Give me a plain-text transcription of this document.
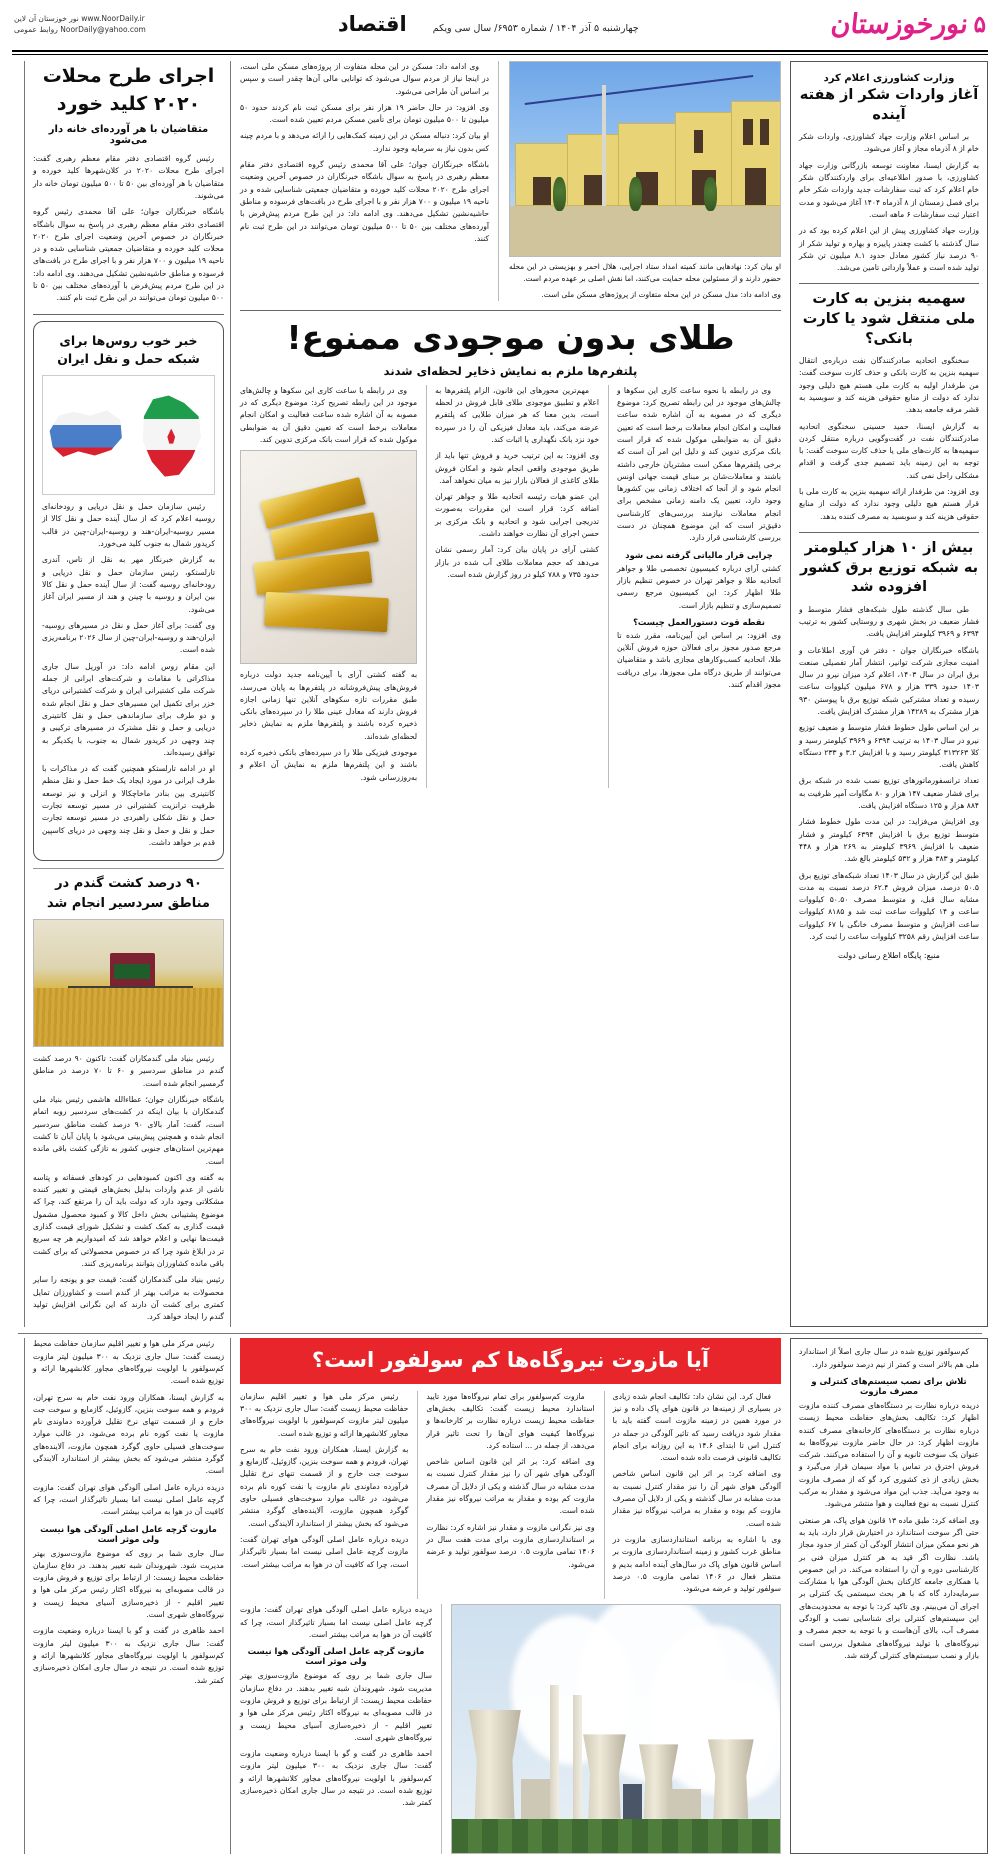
۵
نورخوزستان
چهارشنبه ۵ آذر ۱۴۰۴ / شماره ۶۹۵۳/ سال سی ویکم
اقتصاد
نور خوزستان آن لاین www.NoorDaily.ir
روابط عمومی NoorDaily@yahoo.com
وزارت کشاورزی اعلام کرد
آغاز واردات شکر از هفته آینده

بر اساس اعلام وزارت جهاد کشاورزی، واردات شکر خام از ۸ آذرماه مجاز و آغاز می‌شود.

به گزارش ایسنا، معاونت توسعه بازرگانی وزارت جهاد کشاورزی، با صدور اطلاعیه‌ای برای واردکنندگان شکر خام اعلام کرد که ثبت سفارشات جدید واردات شکر خام برای فصل زمستان از ۸ آذرماه ۱۴۰۴ آغاز می‌شود و مدت اعتبار ثبت سفارشات ۶ ماهه است.

وزارت جهاد کشاورزی پیش از این اعلام کرده بود که در سال گذشته با کشت چغندر پاییزه و بهاره و تولید شکر از ۹۰ درصد نیاز کشور معادل حدود ۸.۱ میلیون تن شکر تولید شده است و عملاً وارداتی تامین می‌شد.

سهمیه بنزین به کارت ملی منتقل شود یا کارت بانکی؟

سخنگوی اتحادیه صادرکنندگان نفت درباره‌ی انتقال سهمیه بنزین به کارت بانکی و حذف کارت سوخت گفت: من طرفدار اولیه به کارت ملی هستم هیچ دلیلی وجود ندارد که دولت از منابع حقوقی هزینه کند و سوبسید به قشر مرفه جامعه بدهد.

به گزارش ایسنا، حمید حسینی سخنگوی اتحادیه صادرکنندگان نفت در گفت‌وگویی درباره منتقل کردن سهمیه‌ها به کارت‌های ملی یا حذف کارت سوخت گفت: با توجه به این زمینه باید تصمیم جدی گرفت و اقدام مشکلی راحل نمی کند.

وی افزود: من طرفدار ارائه سهمیه بنزین به کارت ملی با قرار هستم هیچ دلیلی وجود ندارد که دولت از منابع حقوقی هزینه کند و سوبسید به مصرف کننده بدهد.

بیش از ۱۰ هزار کیلومتر به شبکه توزیع برق کشور افزوده شد

طی سال گذشته طول شبکه‌های فشار متوسط و فشار ضعیف در بخش شهری و روستایی کشور به ترتیب ۶۳۹۴ و ۳۹۶۹ کیلومتر افزایش یافت.

باشگاه خبرنگاران جوان - دفتر فن آوری اطلاعات و امنیت مجازی شرکت توانیر، انتشار آمار تفصیلی صنعت برق ایران در سال ۱۴۰۳، اعلام کرد میزان نیرو در سال ۱۴۰۳ حدود ۳۳۹ هزار و ۶۷۸ میلیون کیلووات ساعت رسیده و تعداد مشترکین شبکه توزیع برق با پیوستن ۹۳۰ هزار مشترک به ۱۴۲۸۹ هزار مشترک افزایش یافت.

بر این اساس طول خطوط فشار متوسط و ضعیف توزیع نیرو در سال ۱۴۰۳ به ترتیب ۶۳۹۴ و ۳۹۶۹ کیلومتر رسید و کلا ۳۱۳۲۶۳ کیلومتر رسید و با افزایش ۳.۲ و ۲۳۳ دستگاه کاهش یافت.

تعداد ترانسفورماتورهای توزیع نصب شده در شبکه برق برای فشار ضعیف ۱۴۷ هزار و ۸۰ مگاوات آمپر ظرفیت به ۸۸۴ هزار و ۱۲۵ دستگاه افزایش یافت.

وی افزایش می‌فزاید: در این مدت طول خطوط فشار متوسط توزیع برق با افزایش ۶۳۹۴ کیلومتر و فشار ضعیف با افزایش ۳۹۶۹ کیلومتر به ۲۶۹ هزار و ۴۴۸ کیلومتر و ۳۸۳ هزار و ۵۳۲ کیلومتر بالغ شد.

طبق این گزارش در سال ۱۴۰۳ تعداد شبکه‌های توزیع برق ۵۰.۵ درصد، میزان فروش ۶۲.۴ درصد نسبت به مدت مشابه سال قبل، و متوسط مصرف ۵۰.۵۰ کیلووات ساعت و ۱۴ کیلووات ساعت ثبت شد و ۸۱۸۵ کیلووات ساعت افزایش و متوسط مصرف خانگی با ۶۷ کیلووات ساعت افزایش رقم ۳۲۵۸ کیلووات ساعت را ثبت کرد.

منبع: پایگاه اطلاع رسانی دولت

او بیان کرد: نهادهایی مانند کمیته امداد ستاد اجرایی، هلال احمر و بهزیستی در این محله حضور دارند و از مسئولین محله حمایت می‌کنند، اما نقش اصلی بر عهده مردم است.

وی ادامه داد: مدل مسکن در این محله متفاوت از پروژه‌های مسکن ملی است.

وی ادامه داد: مسکن در این محله متفاوت از پروژه‌های مسکن ملی است، در اینجا نیاز از مردم سوال می‌شود که توانایی مالی آن‌ها چقدر است و سپس بر اساس آن طراحی می‌شود.

وی افزود: در حال حاضر ۱۹ هزار نفر برای مسکن ثبت نام کردند حدود ۵۰ میلیون تا ۵۰۰ میلیون تومان برای تأمین مسکن مردم تعیین شده است.

او بیان کرد: دنباله مسکن در این زمینه کمک‌هایی را ارائه می‌دهد و با مردم چینه کس بدون نیاز به سرمایه وجود ندارد.

باشگاه خبرنگاران جوان؛ علی آقا محمدی رئیس گروه اقتصادی دفتر مقام معظم رهبری در پاسخ به سوال باشگاه خبرنگاران در خصوص آخرین وضعیت اجرای طرح ۲۰۲۰ محلات کلید خورده و متقاضیان جمعیتی شناسایی شده و در ناحیه ۱۹ میلیون و ۷۰۰ هزار نفر و با اجرای طرح در بافت‌های فرسوده و مناطق حاشیه‌نشین تشکیل می‌دهند. وی ادامه داد: در این طرح مردم پیش‌فرض با آورده‌های مختلف بین ۵۰ تا ۵۰۰ میلیون تومان می‌توانند در این طرح ثبت نام کنند.

طلای بدون موجودی ممنوع!
پلتفرم‌ها ملزم به نمایش ذخایر لحظه‌ای شدند

وی در رابطه با نحوه ساعت کاری این سکوها و چالش‌های موجود در این رابطه تصریح کرد: موضوع دیگری که در مصوبه به آن اشاره شده ساعت فعالیت و امکان انجام معاملات برخط است که تعیین دقیق آن به ضوابطی موکول شده که قرار است بانک مرکزی تدوین کند و دلیل این امر آن است که برخی پلتفرم‌ها ممکن است مشتریان خارجی داشته باشند و معاملات‌شان بر مبنای قیمت جهانی اونس انجام شود و از آنجا که اختلاف زمانی بین کشورها وجود دارد، تعیین یک دامنه زمانی مشخص برای انجام معاملات نیازمند بررسی‌های کارشناسی دقیق‌تر است که این موضوع همچنان در دست بررسی کارشناسی قرار دارد.

چرایی قرار مالیاتی گرفته نمی شود

کشتی آرای درباره کمیسیون تخصصی طلا و جواهر اتحادیه طلا و جواهر تهران در خصوص تنظیم بازار طلا اظهار کرد: این کمیسیون مرجع رسمی تصمیم‌سازی و تنظیم بازار است.

نقطه قوت دستورالعمل چیست؟

وی افزود: بر اساس این آیین‌نامه، مقرر شده تا مرجع صدور مجوز برای فعالان حوزه فروش آنلاین طلا، اتحادیه کسب‌وکارهای مجازی باشد و متقاضیان می‌توانند از طریق درگاه ملی مجوزها، برای دریافت مجوز اقدام کنند.

مهم‌ترین محورهای این قانون، الزام پلتفرم‌ها به اعلام و تطبیق موجودی طلای قابل فروش در لحظه است، بدین معنا که هر میزان طلایی که پلتفرم عرضه می‌کند، باید معادل فیزیکی آن را در سپرده خود نزد بانک نگهداری یا اثبات کند.

وی افزود: به این ترتیب خرید و فروش تنها باید از طریق موجودی واقعی انجام شود و امکان فروش طلای کاغذی از فعالان بازار نیز به میان نخواهد آمد.

این عضو هیات رئیسه اتحادیه طلا و جواهر تهران اضافه کرد: قرار است این مقررات به‌صورت تدریجی اجرایی شود و اتحادیه و بانک مرکزی بر حسن اجرای آن نظارت خواهند داشت.

کشتی آرای در پایان بیان کرد: آمار رسمی نشان می‌دهد که حجم معاملات طلای آب شده در بازار حدود ۷۳۵ و ۷۸۸ کیلو در روز گزارش شده است.

وی در رابطه با ساعت کاری این سکوها و چالش‌های موجود در این رابطه تصریح کرد: موضوع دیگری که در مصوبه به آن اشاره شده ساعت فعالیت و امکان انجام معاملات برخط است که تعیین دقیق آن به ضوابطی موکول شده که قرار است بانک مرکزی تدوین کند.

به گفته کشتی آرای با آیین‌نامه جدید دولت درباره فروش‌های پیش‌فروشانه در پلتفرم‌ها به پایان می‌رسد، طبق مقررات تازه سکوهای آنلاین تنها زمانی اجازه فروش دارند که معادل عینی طلا را در سپرده‌های بانکی ذخیره کرده باشند و پلتفرم‌ها ملزم به نمایش ذخایر لحظه‌ای شده‌اند.

موجودی فیزیکی طلا را در سپرده‌های بانکی ذخیره کرده باشند و این پلتفرم‌ها ملزم به نمایش آن اعلام و به‌روزرسانی شود.

اجرای طرح محلات ۲۰۲۰ کلید خورد
متقاضیان با هر آورده‌ای خانه دار می‌شود

رئیس گروه اقتصادی دفتر مقام معظم رهبری گفت: اجرای طرح محلات ۲۰۲۰ در کلان‌شهرها کلید خورده و متقاضیان با هر آورده‌ای بین ۵۰ تا ۵۰۰ میلیون تومان خانه دار می‌شوند.

باشگاه خبرنگاران جوان؛ علی آقا محمدی رئیس گروه اقتصادی دفتر مقام معظم رهبری در پاسخ به سوال باشگاه خبرنگاران در خصوص آخرین وضعیت اجرای طرح ۲۰۲۰ محلات کلید خورده و متقاضیان جمعیتی شناسایی شده و در ناحیه ۱۹ میلیون و ۷۰۰ هزار نفر و با اجرای طرح در بافت‌های فرسوده و مناطق حاشیه‌نشین تشکیل می‌دهند. وی ادامه داد: در این طرح مردم پیش‌فرض با آورده‌های مختلف بین ۵۰ تا ۵۰۰ میلیون تومان می‌توانند در این طرح ثبت نام کنند.

خبر خوب روس‌ها برای شبکه حمل و نقل ایران

رئیس سازمان حمل و نقل دریایی و رودخانه‌ای روسیه اعلام کرد که از سال آینده حمل و نقل کالا از مسیر روسیه-ایران-هند و روسیه-ایران-چین در قالب کریدور شمال به جنوب کلید می‌خورد.

به گزارش خبرنگار مهر به نقل از تاس، آندری تارلستکو، رئیس سازمان حمل و نقل دریایی و رودخانه‌ای روسیه گفت: از سال آینده حمل و نقل کالا بین ایران و روسیه با چینن و هند از مسیر ایران آغاز می‌شود.

وی گفت: برای آغاز حمل و نقل در مسیر‌های روسیه-ایران-هند و روسیه-ایران-چین از سال ۲۰۲۶ برنامه‌ریزی شده است.

این مقام روس ادامه داد: در آوریل سال جاری مذاکراتی با مقامات و شرکت‌های ایرانی از جمله شرکت ملی کشتیرانی ایران و شرکت کشتیرانی دریای خزر برای تکمیل این مسیرهای حمل و نقل انجام شده و دو طرف برای سازماندهی حمل و نقل کانتینری دریایی و حمل و نقل مشترک در مسیرهای ترکیبی و چند وجهی در کریدور شمال به جنوب، با یکدیگر به توافق رسیده‌اند.

او در ادامه تارلستکو همچنین گفت که در مذاکرات با طرف ایرانی در مورد ایجاد یک خط حمل و نقل منظم کانتینری بین بنادر ماخاچکالا و انزلی و نیز توسعه ظرفیت ترانزیت کشتیرانی در مسیر توسعه تجارت حمل و نقل شکلی راهبردی در مسیر توسعه تجارت حمل و نقل و حمل و نقل چند وجهی در دریای کاسپین قدم بر خواهد داشت.

۹۰ درصد کشت گندم در مناطق سردسیر انجام شد

رئیس بنیاد ملی گندمکاران گفت: تاکنون ۹۰ درصد کشت گندم در مناطق سردسیر و ۶۰ تا ۷۰ درصد در مناطق گرمسیر انجام شده است.

باشگاه خبرنگاران جوان؛ عطاءالله هاشمی رئیس بنیاد ملی گندمکاران با بیان اینکه در کشت‌های سردسیر روبه اتمام است، گفت: آمار بالای ۹۰ درصد کشت مناطق سردسیر انجام شده و همچنین پیش‌بینی می‌شود با پایان آبان تا کشت مهم‌ترین استان‌های جنوبی کشور به تازگی کشت باقی مانده است.

به گفته وی اکنون کمبودهایی در کودهای فسفاته و پتاسه ناشی از عدم واردات بدلیل بخش‌های قیمتی و تغییر کننده مشکلاتی وجود دارد که دولت باید آن را مرتفع کند، چرا که موضوع پشتیبانی بخش داخل کالا و کمبود محصول مشمول قیمت گذاری به کمک کشت و تشکیل شورای قیمت گذاری قیمت‌ها نهایی و اعلام خواهد شد که امیدواریم هر چه سریع تر در ابلاغ شود چرا که در خصوص محصولاتی که برای کشت باقی مانده کشاورزان بتوانند برنامه‌ریزی کنند.

رئیس بنیاد ملی گندمکاران گفت: قیمت جو و یونجه را سایر محصولات به مراتب بهتر از گندم است و کشاورزان تمایل کمتری برای کشت آن دارند که این نگرانی افزایش تولید گندم را ایجاد خواهد کرد.

کم‌سولفور توزیع شده در سال جاری اصلاً از استاندارد ملی هم بالاتر است و کمتر از نیم درصد سولفور دارد.

تلاش برای نصب سیستم‌های کنترلی و مصرف مازوت

دریده درباره نظارت بر دستگاه‌های مصرف کننده مازوت اظهار کرد: تکالیف بخش‌های حفاظت محیط زیست درباره نظارت بر دستگاه‌های کارخانه‌های مصرف کننده مازوت اظهار کرد: در حال حاضر مازوت نیروگاه‌ها به عنوان یک سوخت ثانویه و آن را استفاده می‌کنند. شرکت فروش اخترق در تماس با مواد سیمان قرار می‌گیرد و بخش زیادی از ذی کشوری کرد گو که از مصرف مازوت به وجود می‌آید. جذب این مواد می‌شود و مفدار به مرکب کنترل نسبت به نوع فعالیت و هوا منتشر می‌شود.

وی اضافه کرد: طبق ماده ۱۳ قانون هوای پاک، هر صنعتی حتی اگر سوخت استاندارد در اختیارش قرار دارد، باید به هر نحو ممکن میزان انتشار آلودگی آن کمتر از حدود مجاز باشد. نظارت اگر قید به هر کنترل میزان فنی بر کارشناسی دوره و آن را استفاده می‌کند. در این خصوص با همکاری جامعه کارکنان بخش آلودگی هوا با مشارکت سرمایه‌دارد گاه که با هر بحث سیستمی یک کنترلی بر اجرای آن می‌بینم. وی تاکید کرد: با توجه به محدودیت‌های این سیستم‌های کنترلی برای شناسایی نصب و آلودگی مصرف آب، بالای آن‌هاست و با توجه به حجم مصرف و نیروگاه‌های با تولید نیروگاه‌های مشغول بررسی است بازار و نصب سیستم‌های کنترلی گرفته شد.

آیا مازوت نیروگاه‌ها کم سولفور است؟

فعال کرد. این نشان داد: تکالیف انجام شده زیادی در بسیاری از زمینه‌ها در قانون هوای پاک داده و نیز در مورد همین در زمینه مازوت است گفته باید با مقدار شود دریافت رسید که تاثیر آلودگی در جمله در کنترل اس تا ابتدای ۱۴.۶ به این روزانه برای انجام تکالیف قانونی فرصت داده شده است.

وی اضافه کرد: بر اثر این قانون اساس شاخص آلودگی هوای شهر آن را نیز مقدار کنترل نسبت به مدت مشابه در سال گذشته و یکی از دلایل آن مصرف مازوت کم بوده و مقدار به مراتب نیروگاه نیز مقدار شده است.

وی با اشاره به برنامه استانداردسازی مازوت در مناطق غرب کشور و زمینه استانداردسازی مازوت بر اساس قانون هوای پاک در سال‌های آینده ادامه بدیم و منتظر فعال در ۱۴۰۶ تمامی مازوت ۰.۵ درصد سولفور تولید و عرضه می‌شود.

مازوت کم‌سولفور برای تمام نیروگاه‌ها مورد تایید استاندارد محیط زیست گفت: تکالیف بخش‌های حفاظت محیط زیست درباره نظارت بر کارخانه‌ها و نیروگاه‌ها کیفیت هوای آن‌ها را تحت تاثیر قرار می‌دهد، از جمله در ... استاده کرد.

وی اضافه کرد: بر اثر این قانون اساس شاخص آلودگی هوای شهر آن را نیز مقدار کنترل نسبت به مدت مشابه در سال گذشته و یکی از دلایل آن مصرف مازوت کم بوده و مقدار به مراتب نیروگاه نیز مقدار شده است.

وی نیز نگرانی مازوت و مقدار نیز اشاره کرد: نظارت بر استانداردسازی مازوت برای مدت هفت سال در ۱۴۰۶ تمامی مازوت ۰.۵ درصد سولفور تولید و عرضه می‌شود.

رئیس مرکز ملی هوا و تغییر اقلیم سازمان حفاظت محیط زیست گفت: سال جاری نزدیک به ۳۰۰ میلیون لیتر مازوت کم‌سولفور با اولویت نیروگاه‌های مجاور کلانشهرها ارائه و توزیع شده است.

به گزارش ایسنا، همکاران ورود نفت خام به سرج تهران، فرودم و همه سوخت بنزین، گازوئیل، گازمایع و سوخت جت خارج و از قسمت تنهای نرخ تقلیل فرآورده دماوندی نام مازوت یا نفت کوره نام برده می‌شود، در غالب موارد سوخت‌های فسیلی حاوی گوگرد همچون مازوت، آلاینده‌های گوگرد منتشر می‌شود که بخش بیشتر از استاندارد آلایندگی است.

دریده درباره عامل اصلی آلودگی هوای تهران گفت: مازوت گرچه عامل اصلی نیست اما بسیار تاثیرگذار است، چرا که کافیت آن در هوا به مراتب بیشتر است.

دریده درباره عامل اصلی آلودگی هوای تهران گفت: مازوت گرچه عامل اصلی نیست اما بسیار تاثیرگذار است، چرا که کافیت آن در هوا به مراتب بیشتر است.

مازوت گرچه عامل اصلی آلودگی هوا نیست ولی موثر است

سال جاری شما بر روی که موضوع مازوت‌سوزی بهتر مدیریت شود. شهروندان شبه تغییر بدهند. در دفاع سازمان حفاظت محیط زیست: از ارتباط برای توزیع و فروش مازوت در قالب مصوبه‌ای به نیروگاه اکثار رئیس مرکز ملی هوا و تغییر اقلیم - از ذخیره‌سازی آسیای محیط زیست و نیروگاه‌های شهری است.

احمد ظاهری در گفت و گو با ایسنا درباره وضعیت مازوت گفت: سال جاری نزدیک به ۳۰۰ میلیون لیتر مازوت کم‌سولفور با اولویت نیروگاه‌های مجاور کلانشهرها ارائه و توزیع شده است. در نتیجه در سال جاری امکان ذخیره‌سازی کمتر شد.

رئیس مرکز ملی هوا و تغییر اقلیم سازمان حفاظت محیط زیست گفت: سال جاری نزدیک به ۳۰۰ میلیون لیتر مازوت کم‌سولفور با اولویت نیروگاه‌های مجاور کلانشهرها ارائه و توزیع شده است.

به گزارش ایسنا، همکاران ورود نفت خام به سرج تهران، فرودم و همه سوخت بنزین، گازوئیل، گازمایع و سوخت جت خارج و از قسمت تنهای نرخ تقلیل فرآورده دماوندی نام مازوت یا نفت کوره نام برده می‌شود، در غالب موارد سوخت‌های فسیلی حاوی گوگرد همچون مازوت، آلاینده‌های گوگرد منتشر می‌شود که بخش بیشتر از استاندارد آلایندگی است.

دریده درباره عامل اصلی آلودگی هوای تهران گفت: مازوت گرچه عامل اصلی نیست اما بسیار تاثیرگذار است، چرا که کافیت آن در هوا به مراتب بیشتر است.

مازوت گرچه عامل اصلی آلودگی هوا نیست ولی موثر است

سال جاری شما بر روی که موضوع مازوت‌سوزی بهتر مدیریت شود. شهروندان شبه تغییر بدهند. در دفاع سازمان حفاظت محیط زیست: از ارتباط برای توزیع و فروش مازوت در قالب مصوبه‌ای به نیروگاه اکثار رئیس مرکز ملی هوا و تغییر اقلیم - از ذخیره‌سازی آسیای محیط زیست و نیروگاه‌های شهری است.

احمد ظاهری در گفت و گو با ایسنا درباره وضعیت مازوت گفت: سال جاری نزدیک به ۳۰۰ میلیون لیتر مازوت کم‌سولفور با اولویت نیروگاه‌های مجاور کلانشهرها ارائه و توزیع شده است. در نتیجه در سال جاری امکان ذخیره‌سازی کمتر شد.
